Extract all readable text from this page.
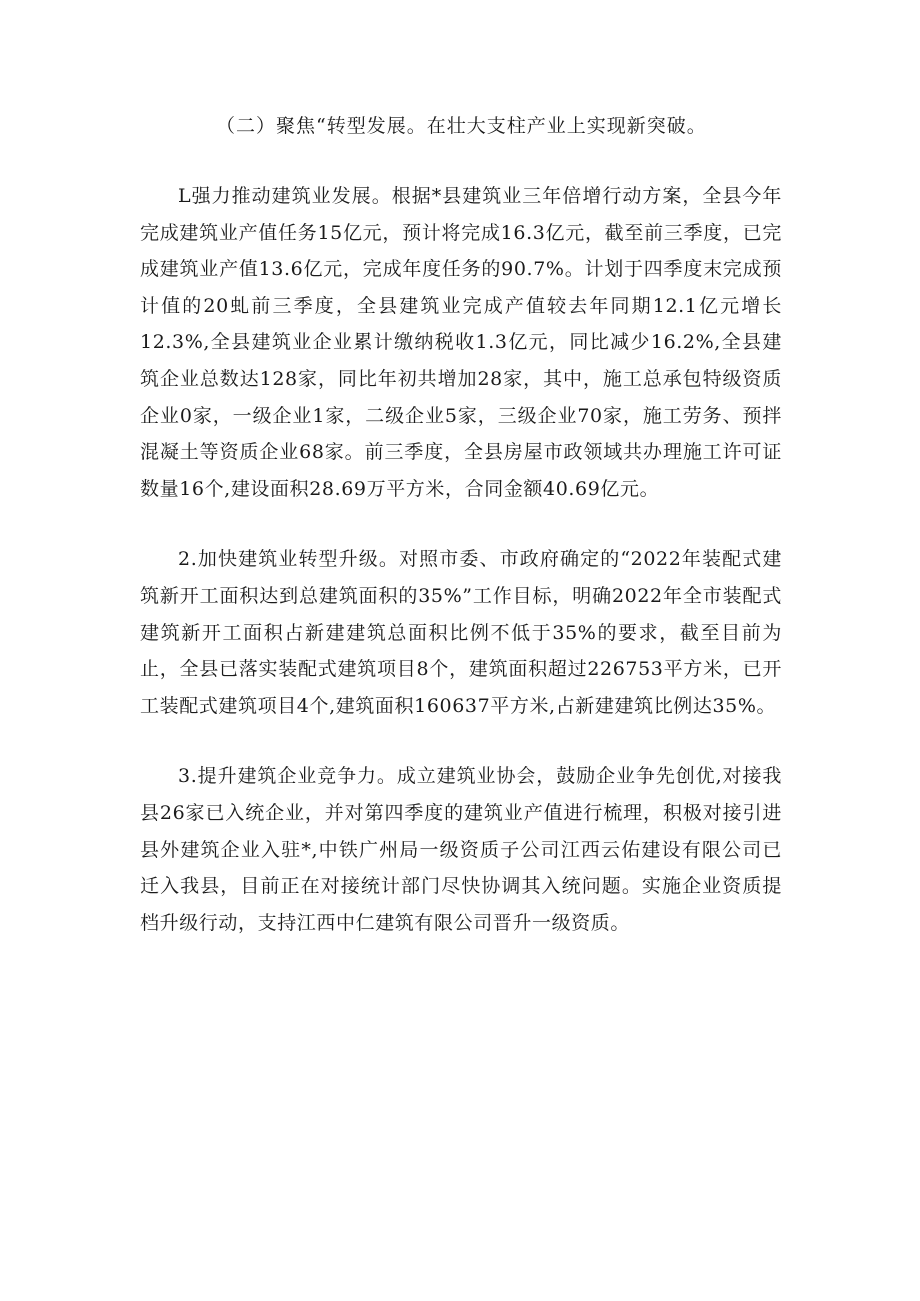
（二）聚焦“转型发展。在壮大支柱产业上实现新突破。

L强力推动建筑业发展。根据*县建筑业三年倍增行动方案，全县今年完成建筑业产值任务15亿元，预计将完成16.3亿元，截至前三季度，已完成建筑业产值13.6亿元，完成年度任务的90.7%。计划于四季度末完成预计值的20虬前三季度，全县建筑业完成产值较去年同期12.1亿元增长12.3%,全县建筑业企业累计缴纳税收1.3亿元，同比减少16.2%,全县建筑企业总数达128家，同比年初共增加28家，其中，施工总承包特级资质企业0家，一级企业1家，二级企业5家，三级企业70家，施工劳务、预拌混凝土等资质企业68家。前三季度，全县房屋市政领域共办理施工许可证数量16个,建设面积28.69万平方米，合同金额40.69亿元。

2.加快建筑业转型升级。对照市委、市政府确定的“2022年装配式建筑新开工面积达到总建筑面积的35%”工作目标，明确2022年全市装配式建筑新开工面积占新建建筑总面积比例不低于35%的要求，截至目前为止，全县已落实装配式建筑项目8个，建筑面积超过226753平方米，已开工装配式建筑项目4个,建筑面积160637平方米,占新建建筑比例达35%。

3.提升建筑企业竞争力。成立建筑业协会，鼓励企业争先创优,对接我县26家已入统企业，并对第四季度的建筑业产值进行梳理，积极对接引进县外建筑企业入驻*,中铁广州局一级资质子公司江西云佑建设有限公司已迁入我县，目前正在对接统计部门尽快协调其入统问题。实施企业资质提档升级行动，支持江西中仁建筑有限公司晋升一级资质。
